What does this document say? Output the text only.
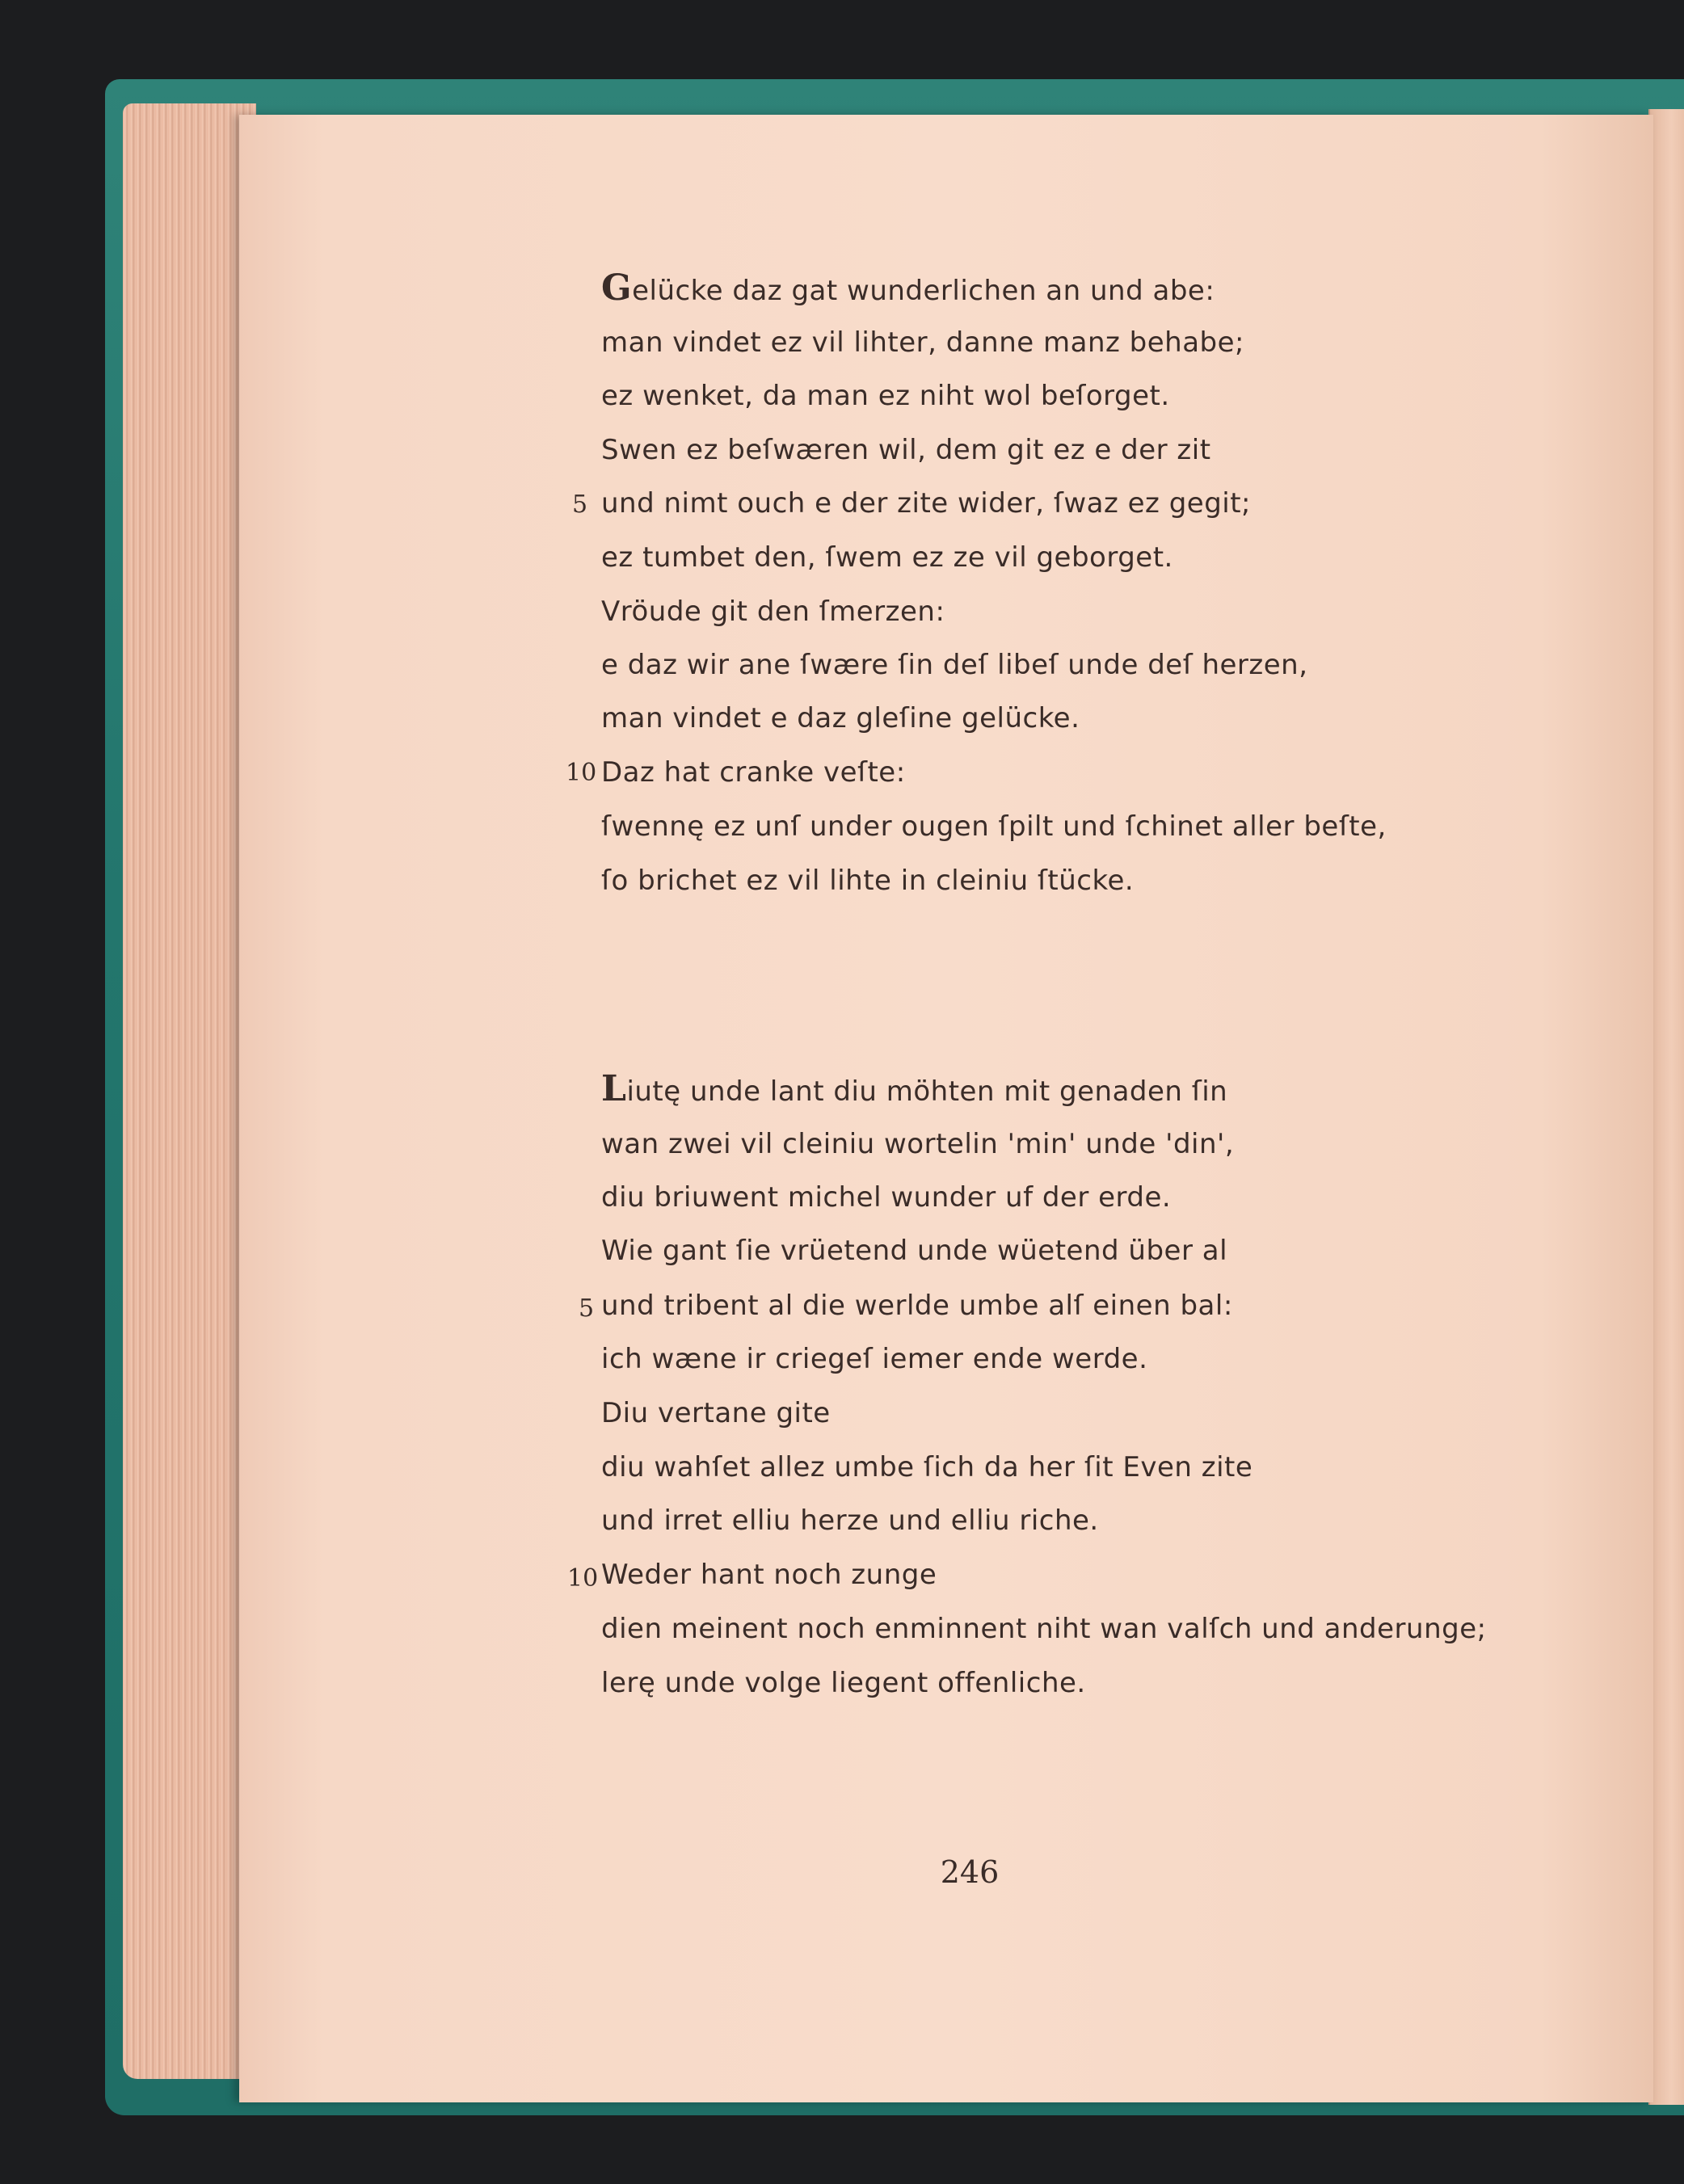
Gelücke daz gat wunderlichen an und abe:
man vindet ez vil lihter, danne manz behabe;
ez wenket, da man ez niht wol beſorget.
Swen ez beſwæren wil, dem git ez e der zit
5 und nimt ouch e der zite wider, ſwaz ez gegit;
ez tumbet den, ſwem ez ze vil geborget.
Vröude git den ſmerzen:
e daz wir ane ſwære ſin deſ libeſ unde deſ herzen,
man vindet e daz gleſine gelücke.
10 Daz hat cranke veſte:
ſwennę ez unſ under ougen ſpilt und ſchinet aller beſte,
ſo brichet ez vil lihte in cleiniu ſtücke.
Liutę unde lant diu möhten mit genaden ſin
wan zwei vil cleiniu wortelin 'min' unde 'din',
diu briuwent michel wunder uf der erde.
Wie gant ſie vrüetend unde wüetend über al
5 und tribent al die werlde umbe alſ einen bal:
ich wæne ir criegeſ iemer ende werde.
Diu vertane gite
diu wahſet allez umbe ſich da her ſit Even zite
und irret elliu herze und elliu riche.
10 Weder hant noch zunge
dien meinent noch enminnent niht wan valſch und anderunge;
lerę unde volge liegent offenliche.
246
